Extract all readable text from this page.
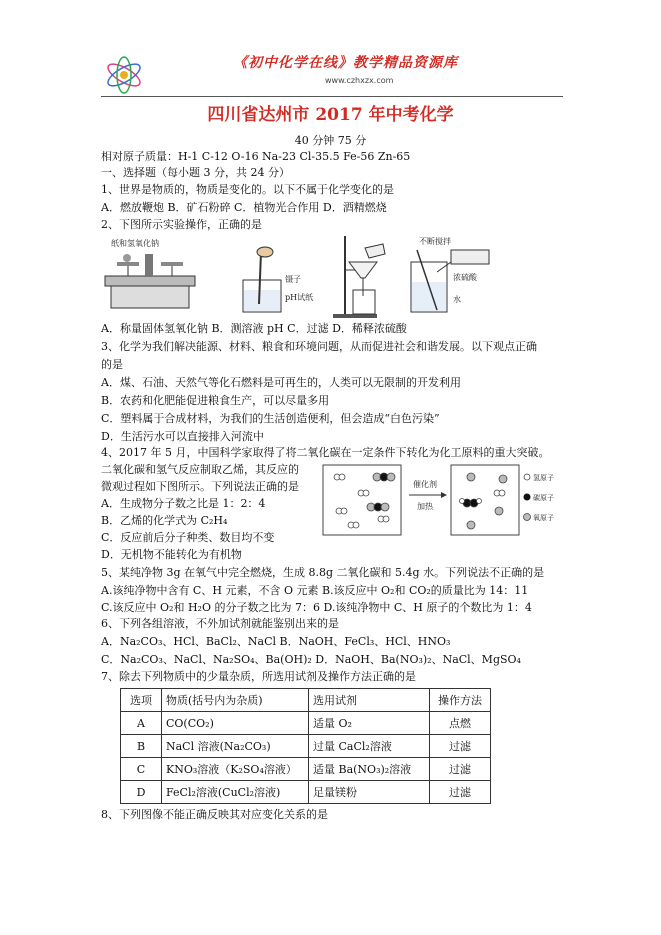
《初中化学在线》教学精品资源库
www.czhxzx.com
四川省达州市 2017 年中考化学
40 分钟 75 分
相对原子质量：H-1 C-12 O-16 Na-23 Cl-35.5 Fe-56 Zn-65
一、选择题（每小题 3 分，共 24 分）
1、世界是物质的，物质是变化的。以下不属于化学变化的是
A．燃放鞭炮 B．矿石粉碎 C．植物光合作用 D．酒精燃烧
2、下图所示实验操作，正确的是
纸和氢氧化钠
镊子
pH试纸
不断搅拌
浓硫酸
水
A．称量固体氢氧化钠 B．测溶液 pH C．过滤 D．稀释浓硫酸
3、化学为我们解决能源、材料、粮食和环境问题，从而促进社会和谐发展。以下观点正确
的是
A．煤、石油、天然气等化石燃料是可再生的，人类可以无限制的开发利用
B．农药和化肥能促进粮食生产，可以尽量多用
C．塑料属于合成材料，为我们的生活创造便利，但会造成“白色污染”
D．生活污水可以直接排入河流中
4、2017 年 5 月，中国科学家取得了将二氧化碳在一定条件下转化为化工原料的重大突破。
二氧化碳和氢气反应制取乙烯，其反应的
微观过程如下图所示。下列说法正确的是
A．生成物分子数之比是 1：2：4
B．乙烯的化学式为 C₂H₄
C．反应前后分子种类、数目均不变
D．无机物不能转化为有机物
催化剂
加热
氢原子
碳原子
氧原子
5、某纯净物 3g 在氧气中完全燃烧，生成 8.8g 二氧化碳和 5.4g 水。下列说法不正确的是
A.该纯净物中含有 C、H 元素，不含 O 元素 B.该反应中 O₂和 CO₂的质量比为 14：11
C.该反应中 O₂和 H₂O 的分子数之比为 7：6 D.该纯净物中 C、H 原子的个数比为 1：4
6、下列各组溶液，不外加试剂就能鉴别出来的是
A．Na₂CO₃、HCl、BaCl₂、NaCl B．NaOH、FeCl₃、HCl、HNO₃
C．Na₂CO₃、NaCl、Na₂SO₄、Ba(OH)₂ D．NaOH、Ba(NO₃)₂、NaCl、MgSO₄
7、除去下列物质中的少量杂质，所选用试剂及操作方法正确的是
选项	物质(括号内为杂质)	选用试剂	操作方法
A	CO(CO₂)	适量 O₂	点燃
B	NaCl 溶液(Na₂CO₃)	过量 CaCl₂溶液	过滤
C	KNO₃溶液（K₂SO₄溶液）	适量 Ba(NO₃)₂溶液	过滤
D	FeCl₂溶液(CuCl₂溶液)	足量镁粉	过滤
8、下列图像不能正确反映其对应变化关系的是
